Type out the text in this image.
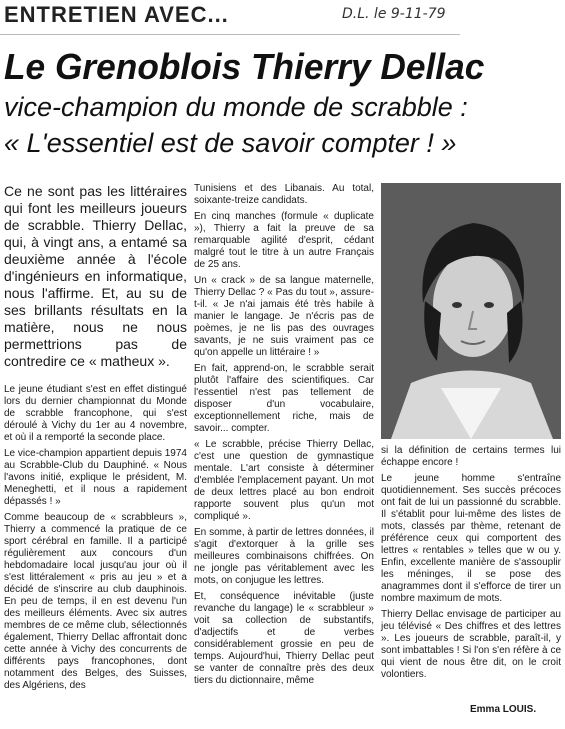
ENTRETIEN AVEC...	D.L. le 9-11-79
Le Grenoblois Thierry Dellac
vice-champion du monde de scrabble :
« L'essentiel est de savoir compter ! »
Ce ne sont pas les littéraires qui font les meilleurs joueurs de scrabble. Thierry Dellac, qui, à vingt ans, a entamé sa deuxième année à l'école d'ingénieurs en informatique, nous l'affirme. Et, au su de ses brillants résultats en la matière, nous ne nous permettrions pas de contredire ce « matheux ».

Le jeune étudiant s'est en effet distingué lors du dernier championnat du Monde de scrabble francophone, qui s'est déroulé à Vichy du 1er au 4 novembre, et où il a remporté la seconde place.

Le vice-champion appartient depuis 1974 au Scrabble-Club du Dauphiné. « Nous l'avons initié, explique le président, M. Meneghetti, et il nous a rapidement dépassés ! »

Comme beaucoup de « scrabbleurs », Thierry a commencé la pratique de ce sport cérébral en famille. Il a participé régulièrement aux concours d'un hebdomadaire local jusqu'au jour où il s'est littéralement « pris au jeu » et a décidé de s'inscrire au club dauphinois. En peu de temps, il en est devenu l'un des meilleurs éléments. Avec six autres membres de ce même club, sélectionnés également, Thierry Dellac affrontait donc cette année à Vichy des concurrents de différents pays francophones, dont notamment des Belges, des Suisses, des Algériens, des

Tunisiens et des Libanais. Au total, soixante-treize candidats.

En cinq manches (formule « duplicate »), Thierry a fait la preuve de sa remarquable agilité d'esprit, cédant malgré tout le titre à un autre Français de 25 ans.

Un « crack » de sa langue maternelle, Thierry Dellac ? « Pas du tout », assure-t-il. « Je n'ai jamais été très habile à manier le langage. Je n'écris pas de poèmes, je ne lis pas des ouvrages savants, je ne suis vraiment pas ce qu'on appelle un littéraire ! »

En fait, apprend-on, le scrabble serait plutôt l'affaire des scientifiques. Car l'essentiel n'est pas tellement de disposer d'un vocabulaire, exceptionnellement riche, mais de savoir... compter.

« Le scrabble, précise Thierry Dellac, c'est une question de gymnastique mentale. L'art consiste à déterminer d'emblée l'emplacement payant. Un mot de deux lettres placé au bon endroit rapporte souvent plus qu'un mot compliqué ».

En somme, à partir de lettres données, il s'agit d'extorquer à la grille ses meilleures combinaisons chiffrées. On ne jongle pas véritablement avec les mots, on conjugue les lettres.

Et, conséquence inévitable (juste revanche du langage) le « scrabbleur » voit sa collection de substantifs, d'adjectifs et de verbes considérablement grossie en peu de temps. Aujourd'hui, Thierry Dellac peut se vanter de connaître près des deux tiers du dictionnaire, même

si la définition de certains termes lui échappe encore !

Le jeune homme s'entraîne quotidiennement. Ses succès précoces ont fait de lui un passionné du scrabble. Il s'établit pour lui-même des listes de mots, classés par thème, retenant de préférence ceux qui comportent des lettres « rentables » telles que w ou y. Enfin, excellente manière de s'assouplir les méninges, il se pose des anagrammes dont il s'efforce de tirer un nombre maximum de mots.

Thierry Dellac envisage de participer au jeu télévisé « Des chiffres et des lettres ». Les joueurs de scrabble, paraît-il, y sont imbattables ! Si l'on s'en réfère à ce qui vient de nous être dit, on le croit volontiers.

Emma LOUIS.
